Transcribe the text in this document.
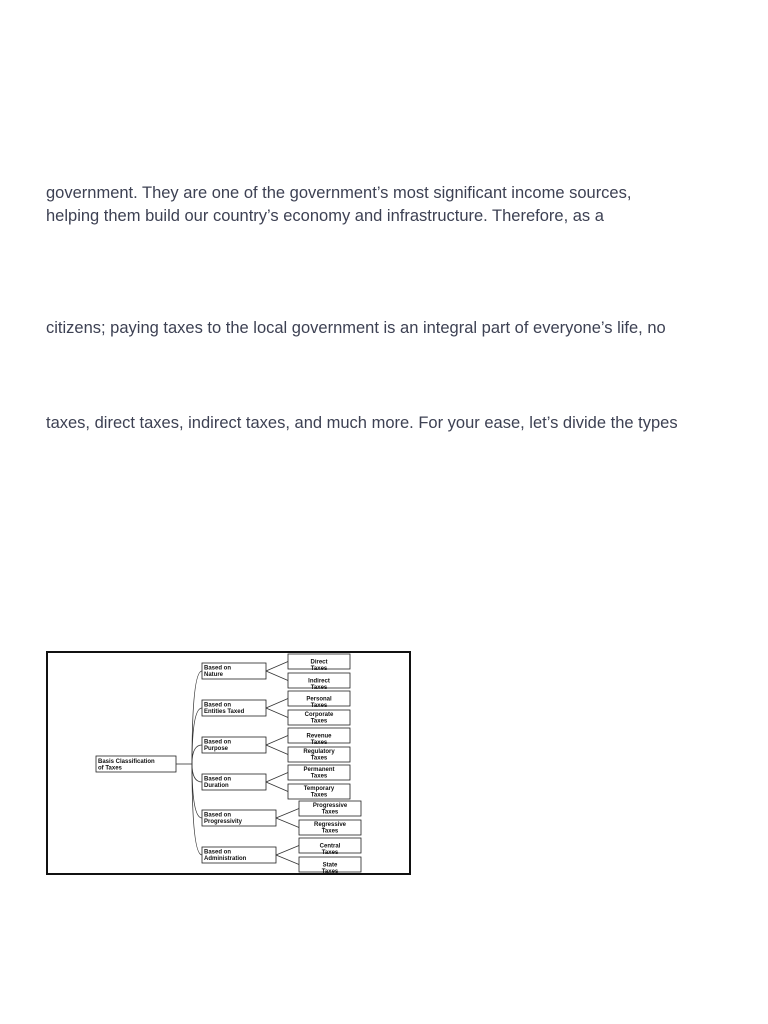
government. They are one of the government’s most significant income sources,

helping them build our country’s economy and infrastructure. Therefore, as a

citizens; paying taxes to the local government is an integral part of everyone’s life, no

taxes, direct taxes, indirect taxes, and much more. For your ease, let’s divide the types

Basis Classification of Taxes
Based on Nature
Direct Taxes
Indirect Taxes
Based on Entities Taxed
Personal Taxes
Corporate Taxes
Based on Purpose
Revenue Taxes
Regulatory Taxes
Based on Duration
Permanent Taxes
Temporary Taxes
Based on Progressivity
Progressive Taxes
Regressive Taxes
Based on Administration
Central Taxes
State Taxes
